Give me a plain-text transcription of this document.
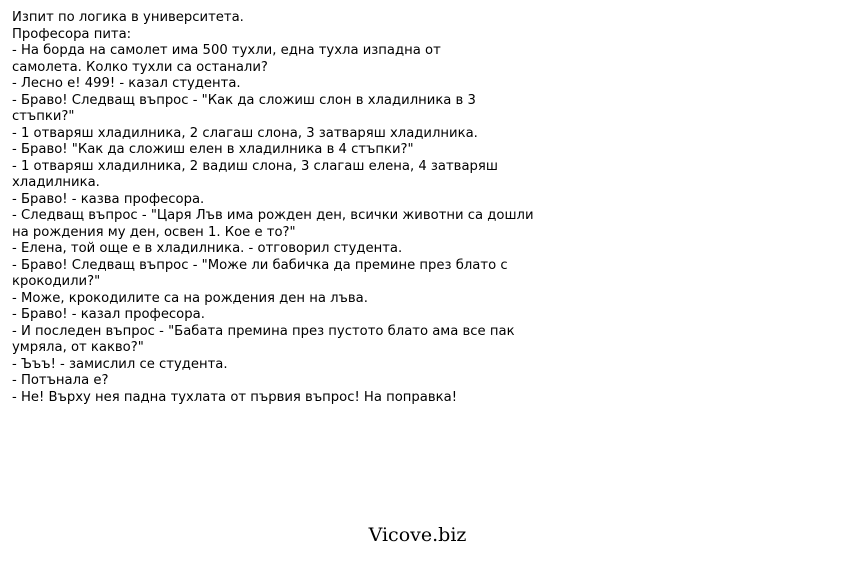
Изпит по логика в университета.
Професора пита:
- На борда на самолет има 500 тухли, една тухла изпадна от
самолета. Колко тухли са останали?
- Лесно е! 499! - казал студента.
- Браво! Следващ въпрос - "Как да сложиш слон в хладилника в 3
стъпки?"
- 1 отваряш хладилника, 2 слагаш слона, 3 затваряш хладилника.
- Браво! "Как да сложиш елен в хладилника в 4 стъпки?"
- 1 отваряш хладилника, 2 вадиш слона, 3 слагаш елена, 4 затваряш
хладилника.
- Браво! - казва професора.
- Следващ въпрос - "Царя Лъв има рожден ден, всички животни са дошли
на рождения му ден, освен 1. Кое е то?"
- Елена, той още е в хладилника. - отговорил студента.
- Браво! Следващ въпрос - "Може ли бабичка да премине през блато с
крокодили?"
- Може, крокодилите са на рождения ден на лъва.
- Браво! - казал професора.
- И последен въпрос - "Бабата премина през пустото блато ама все пак
умряла, от какво?"
- Ъъъ! - замислил се студента.
- Потънала е?
- Не! Върху нея падна тухлата от първия въпрос! На поправка!
Vicove.biz
